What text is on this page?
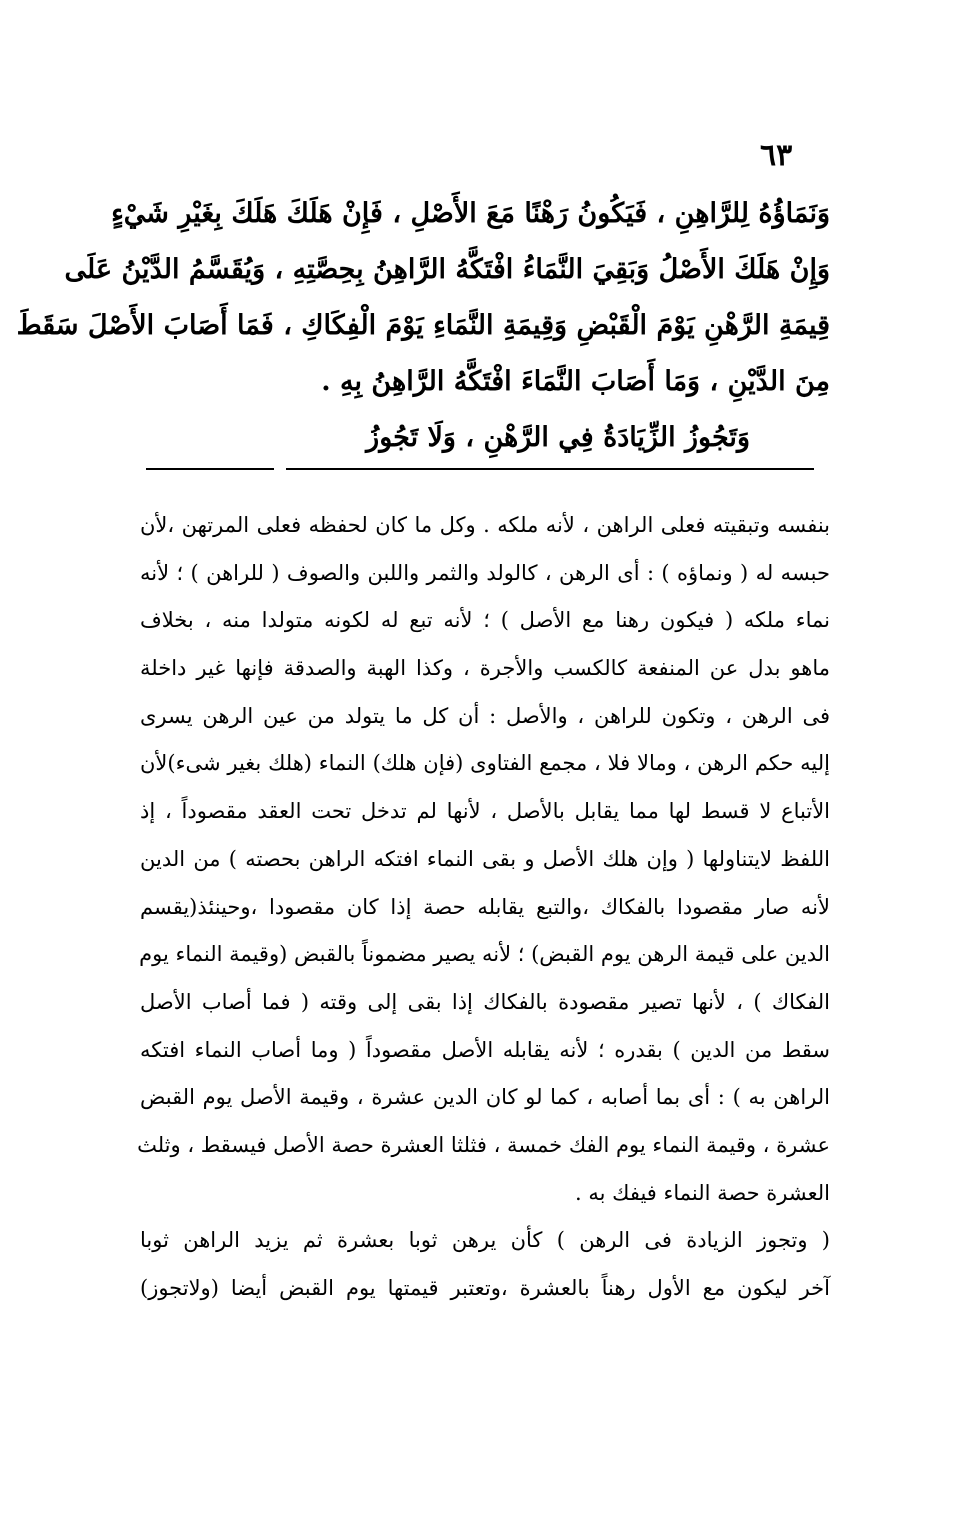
٦٣
وَنَمَاؤُهُ لِلرَّاهِنِ ، فَيَكُونُ رَهْنًا مَعَ الأَصْلِ ، فَإِنْ هَلَكَ هَلَكَ بِغَيْرِ شَيْءٍ
وَإِنْ هَلَكَ الأَصْلُ وَبَقِيَ النَّمَاءُ افْتَكَّهُ الرَّاهِنُ بِحِصَّتِهِ ، وَيُقَسَّمُ الدَّيْنُ عَلَى
قِيمَةِ الرَّهْنِ يَوْمَ الْقَبْضِ وَقِيمَةِ النَّمَاءِ يَوْمَ الْفِكَاكِ ، فَمَا أَصَابَ الأَصْلَ سَقَطَ
مِنَ الدَّيْنِ ، وَمَا أَصَابَ النَّمَاءَ افْتَكَّهُ الرَّاهِنُ بِهِ .
وَتَجُوزُ الزِّيَادَةُ فِي الرَّهْنِ ، وَلَا تَجُوزُ
بنفسه وتبقيته فعلى الراهن ، لأنه ملكه . وكل ما كان لحفظه فعلى المرتهن ،لأن
حبسه له ( ونماؤه ) : أى الرهن ، كالولد والثمر واللبن والصوف ( للراهن ) ؛ لأنه
نماء ملكه ( فيكون رهنا مع الأصل ) ؛ لأنه تبع له لكونه متولدا منه ، بخلاف
ماهو بدل عن المنفعة كالكسب والأجرة ، وكذا الهبة والصدقة فإنها غير داخلة
فى الرهن ، وتكون للراهن ، والأصل : أن كل ما يتولد من عين الرهن يسرى
إليه حكم الرهن ، ومالا فلا ، مجمع الفتاوى (فإن هلك) النماء (هلك بغير شىء)لأن
الأتباع لا قسط لها مما يقابل بالأصل ، لأنها لم تدخل تحت العقد مقصوداً ، إذ
اللفظ لايتناولها ( وإن هلك الأصل و بقى النماء افتكه الراهن بحصته ) من الدين
لأنه صار مقصودا بالفكاك ،والتبع يقابله حصة إذا كان مقصودا ،وحينئذ(يقسم
الدين على قيمة الرهن يوم القبض) ؛ لأنه يصير مضموناً بالقبض (وقيمة النماء يوم
الفكاك ) ، لأنها تصير مقصودة بالفكاك إذا بقى إلى وقته ( فما أصاب الأصل
سقط من الدين ) بقدره ؛ لأنه يقابله الأصل مقصوداً ( وما أصاب النماء افتكه
الراهن به ) : أى بما أصابه ، كما لو كان الدين عشرة ، وقيمة الأصل يوم القبض
عشرة ، وقيمة النماء يوم الفك خمسة ، فثلثا العشرة حصة الأصل فيسقط ، وثلث
العشرة حصة النماء فيفك به .
( وتجوز الزيادة فى الرهن ) كأن يرهن ثوبا بعشرة ثم يزيد الراهن ثوبا
آخر ليكون مع الأول رهناً بالعشرة ،وتعتبر قيمتها يوم القبض أيضا (ولاتجوز)
